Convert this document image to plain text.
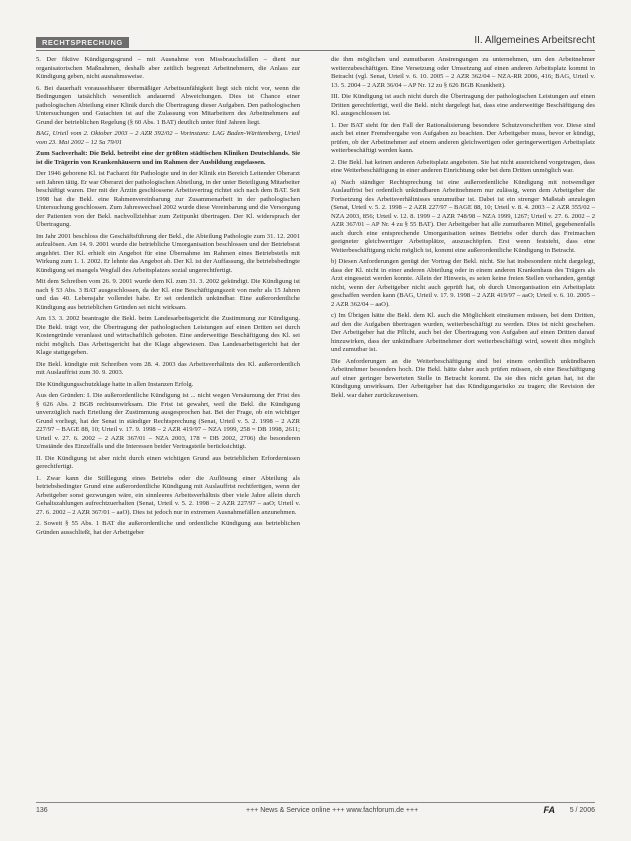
RECHTSPRECHUNG	II. Allgemeines Arbeitsrecht

5. Der fiktive Kündigungsgrund – mit Ausnahme von Missbrauchsfällen – dient nur organisatorischen Maßnahmen, deshalb aber zeitlich begrenzt Arbeitnehmern, die Anlass zur Kündigung geben, nicht ausnahmsweise.

6. Bei dauerhaft voraussehbarer übermäßiger Arbeitsunfähigkeit liegt sich nicht vor, wenn die Bedingungen tatsächlich wesentlich andauernd Abweichungen. Dies ist Chance einer pathologischen Abteilung einer Klinik durch die Übertragung dieser Aufgaben. Den pathologischen Untersuchungen und Gutachten ist auf die Zulassung von Mitarbeitern des Arbeitnehmers auf Grund der betrieblichen Regelung (§ 60 Abs. 1 BAT) deutlich unter fünf Jahren liegt.

BAG, Urteil vom 2. Oktober 2003 – 2 AZR 392/02 – Vorinstanz: LAG Baden-Württemberg, Urteil vom 23. Mai 2002 – 12 Sa 79/01

Zum Sachverhalt: Die Bekl. betreibt eine der größten städtischen Kliniken Deutschlands. Sie ist die Trägerin von Krankenhäusern und im Rahmen der Ausbildung zugelassen.

Der 1946 geborene Kl. ist Facharzt für Pathologie und in der Klinik ein Bereich Leitender Oberarzt seit Jahren tätig. Er war Oberarzt der pathologischen Abteilung, in der unter Beteiligung Mitarbeiter beschäftigt waren. Der mit der Ärztin geschlossene Arbeitsvertrag richtet sich nach dem BAT. Seit 1998 hat die Bekl. eine Rahmenvereinbarung zur Zusammenarbeit in der pathologischen Untersuchung geschlossen. Zum Jahreswechsel 2002 wurde diese Vereinbarung und die Versorgung der Patienten von der Bekl. nachvollziehbar zum Zeitpunkt übertragen. Der Kl. widersprach der Übertragung.

Im Jahr 2001 beschloss die Geschäftsführung der Bekl., die Abteilung Pathologie zum 31. 12. 2001 aufzulösen. Am 14. 9. 2001 wurde die betriebliche Umorganisation beschlossen und der Betriebsrat angehört. Der Kl. erhielt ein Angebot für eine Übernahme im Rahmen eines Betriebsteils mit Wirkung zum 1. 1. 2002. Er lehnte das Angebot ab. Der Kl. ist der Auffassung, die betriebsbedingte Kündigung sei mangels Wegfall des Arbeitsplatzes sozial ungerechtfertigt.

Mit dem Schreiben vom 26. 9. 2001 wurde dem Kl. zum 31. 3. 2002 gekündigt. Die Kündigung ist nach § 53 Abs. 3 BAT ausgeschlossen, da der Kl. eine Beschäftigungszeit von mehr als 15 Jahren und das 40. Lebensjahr vollendet habe. Er sei ordentlich unkündbar. Eine außerordentliche Kündigung aus betrieblichen Gründen sei nicht wirksam.

Am 13. 3. 2002 beantragte die Bekl. beim Landesarbeitsgericht die Zustimmung zur Kündigung. Die Bekl. trägt vor, die Übertragung der pathologischen Leistungen auf einen Dritten sei durch Kostengründe veranlasst und wirtschaftlich geboten. Eine anderweitige Beschäftigung des Kl. sei nicht möglich. Das Arbeitsgericht hat die Klage abgewiesen. Das Landesarbeitsgericht hat der Klage stattgegeben.

Die Bekl. kündigte mit Schreiben vom 28. 4. 2003 das Arbeitsverhältnis des Kl. außerordentlich mit Auslauffrist zum 30. 9. 2003.

Die Kündigungsschutzklage hatte in allen Instanzen Erfolg.

Aus den Gründen: I. Die außerordentliche Kündigung ist ... nicht wegen Versäumung der Frist des § 626 Abs. 2 BGB rechtsunwirksam. Die Frist ist gewahrt, weil die Bekl. die Kündigung unverzüglich nach Erteilung der Zustimmung ausgesprochen hat. Bei der Frage, ob ein wichtiger Grund vorliegt, hat der Senat in ständiger Rechtsprechung (Senat, Urteil v. 5. 2. 1998 – 2 AZR 227/97 – BAGE 88, 10; Urteil v. 17. 9. 1998 – 2 AZR 419/97 – NZA 1999, 258 = DB 1998, 2611; Urteil v. 27. 6. 2002 – 2 AZR 367/01 – NZA 2003, 178 = DB 2002, 2706) die besonderen Umstände des Einzelfalls und die Interessen beider Vertragsteile berücksichtigt.

II. Die Kündigung ist aber nicht durch einen wichtigen Grund aus betrieblichen Erfordernissen gerechtfertigt.

1. Zwar kann die Stilllegung eines Betriebs oder die Auflösung einer Abteilung als betriebsbedingter Grund eine außerordentliche Kündigung mit Auslauffrist rechtfertigen, wenn der Arbeitgeber sonst gezwungen wäre, ein sinnleeres Arbeitsverhältnis über viele Jahre allein durch Gehaltszahlungen aufrechtzuerhalten (Senat, Urteil v. 5. 2. 1998 – 2 AZR 227/97 – aaO; Urteil v. 27. 6. 2002 – 2 AZR 367/01 – aaO). Dies ist jedoch nur in extremen Ausnahmefällen anzunehmen.

2. Soweit § 55 Abs. 1 BAT die außerordentliche und ordentliche Kündigung aus betrieblichen Gründen ausschließt, hat der Arbeitgeber

die ihm möglichen und zumutbaren Anstrengungen zu unternehmen, um den Arbeitnehmer weiterzubeschäftigen. Eine Versetzung oder Umsetzung auf einen anderen Arbeitsplatz kommt in Betracht (vgl. Senat, Urteil v. 6. 10. 2005 – 2 AZR 362/04 – NZA-RR 2006, 416; BAG, Urteil v. 13. 5. 2004 – 2 AZR 36/04 – AP Nr. 12 zu § 626 BGB Krankheit).

III. Die Kündigung ist auch nicht durch die Übertragung der pathologischen Leistungen auf einen Dritten gerechtfertigt, weil die Bekl. nicht dargelegt hat, dass eine anderweitige Beschäftigung des Kl. ausgeschlossen ist.

1. Der BAT sieht für den Fall der Rationalisierung besondere Schutzvorschriften vor. Diese sind auch bei einer Fremdvergabe von Aufgaben zu beachten. Der Arbeitgeber muss, bevor er kündigt, prüfen, ob der Arbeitnehmer auf einem anderen gleichwertigen oder geringerwertigen Arbeitsplatz weiterbeschäftigt werden kann.

2. Die Bekl. hat keinen anderen Arbeitsplatz angeboten. Sie hat nicht ausreichend vorgetragen, dass eine Weiterbeschäftigung in einer anderen Einrichtung oder bei dem Dritten unmöglich war.

a) Nach ständiger Rechtsprechung ist eine außerordentliche Kündigung mit notwendiger Auslauffrist bei ordentlich unkündbaren Arbeitnehmern nur zulässig, wenn dem Arbeitgeber die Fortsetzung des Arbeitsverhältnisses unzumutbar ist. Dabei ist ein strenger Maßstab anzulegen (Senat, Urteil v. 5. 2. 1998 – 2 AZR 227/97 – BAGE 88, 10; Urteil v. 8. 4. 2003 – 2 AZR 355/02 – NZA 2003, 856; Urteil v. 12. 8. 1999 – 2 AZR 748/98 – NZA 1999, 1267; Urteil v. 27. 6. 2002 – 2 AZR 367/01 – AP Nr. 4 zu § 55 BAT). Der Arbeitgeber hat alle zumutbaren Mittel, gegebenenfalls auch durch eine entsprechende Umorganisation seines Betriebs oder durch das Freimachen geeigneter gleichwertiger Arbeitsplätze, auszuschöpfen. Erst wenn feststeht, dass eine Weiterbeschäftigung nicht möglich ist, kommt eine außerordentliche Kündigung in Betracht.

b) Diesen Anforderungen genügt der Vortrag der Bekl. nicht. Sie hat insbesondere nicht dargelegt, dass der Kl. nicht in einer anderen Abteilung oder in einem anderen Krankenhaus des Trägers als Arzt eingesetzt werden konnte. Allein der Hinweis, es seien keine freien Stellen vorhanden, genügt nicht, wenn der Arbeitgeber nicht auch geprüft hat, ob durch Umorganisation ein Arbeitsplatz geschaffen werden kann (BAG, Urteil v. 17. 9. 1998 – 2 AZR 419/97 – aaO; Urteil v. 6. 10. 2005 – 2 AZR 362/04 – aaO).

c) Im Übrigen hätte die Bekl. dem Kl. auch die Möglichkeit einräumen müssen, bei dem Dritten, auf den die Aufgaben übertragen wurden, weiterbeschäftigt zu werden. Dies ist nicht geschehen. Der Arbeitgeber hat die Pflicht, auch bei der Übertragung von Aufgaben auf einen Dritten darauf hinzuwirken, dass der unkündbare Arbeitnehmer dort weiterbeschäftigt wird, soweit dies möglich und zumutbar ist.

Die Anforderungen an die Weiterbeschäftigung sind bei einem ordentlich unkündbaren Arbeitnehmer besonders hoch. Die Bekl. hätte daher auch prüfen müssen, ob eine Beschäftigung auf einer geringer bewerteten Stelle in Betracht kommt. Da sie dies nicht getan hat, ist die Kündigung unwirksam. Der Arbeitgeber hat das Kündigungsrisiko zu tragen; die Revision der Bekl. war daher zurückzuweisen.

136	+++ News & Service online +++ www.fachforum.de +++	FA 5 / 2006
